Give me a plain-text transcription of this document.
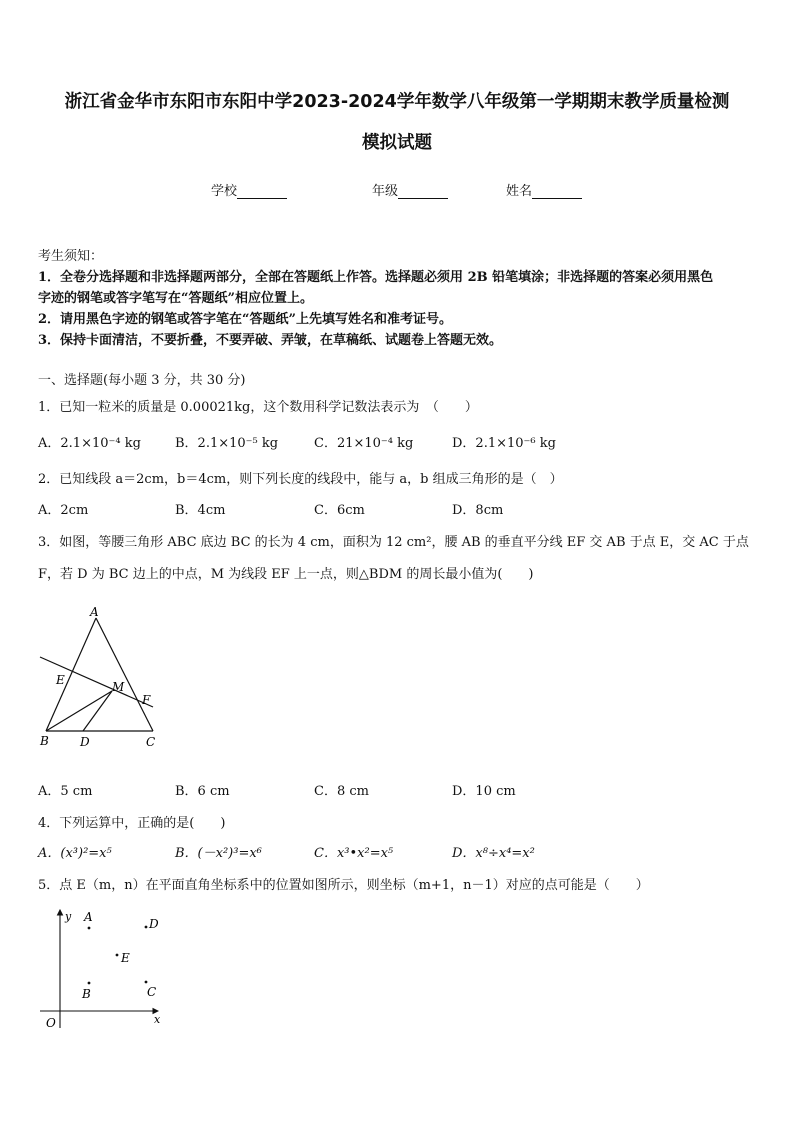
浙江省金华市东阳市东阳中学2023-2024学年数学八年级第一学期期末教学质量检测
模拟试题
学校	年级	姓名
考生须知：
1．全卷分选择题和非选择题两部分，全部在答题纸上作答。选择题必须用 2B 铅笔填涂；非选择题的答案必须用黑色
字迹的钢笔或答字笔写在“答题纸”相应位置上。
2．请用黑色字迹的钢笔或答字笔在“答题纸”上先填写姓名和准考证号。
3．保持卡面清洁，不要折叠，不要弄破、弄皱，在草稿纸、试题卷上答题无效。
一、选择题(每小题 3 分，共 30 分)
1．已知一粒米的质量是 0.00021kg，这个数用科学记数法表示为　（　　）
A．2.1×10⁻⁴ kg	B．2.1×10⁻⁵ kg	C．21×10⁻⁴ kg	D．2.1×10⁻⁶ kg
2．已知线段 a＝2cm，b＝4cm，则下列长度的线段中，能与 a，b 组成三角形的是（　）
A．2cm	B．4cm	C．6cm	D．8cm
3．如图，等腰三角形 ABC 底边 BC 的长为 4 cm，面积为 12 cm²，腰 AB 的垂直平分线 EF 交 AB 于点 E，交 AC 于点
F，若 D 为 BC 边上的中点，M 为线段 EF 上一点，则△BDM 的周长最小值为(　　)
A
E	M
F
B	D	C
A．5 cm	B．6 cm	C．8 cm	D．10 cm
4．下列运算中，正确的是(　　)
A．(x³)²=x⁵	B．(－x²)³=x⁶	C．x³•x²=x⁵	D．x⁸÷x⁴=x²
5．点 E（m，n）在平面直角坐标系中的位置如图所示，则坐标（m+1，n－1）对应的点可能是（　　）
y
x
O
A	D
E
B	C
